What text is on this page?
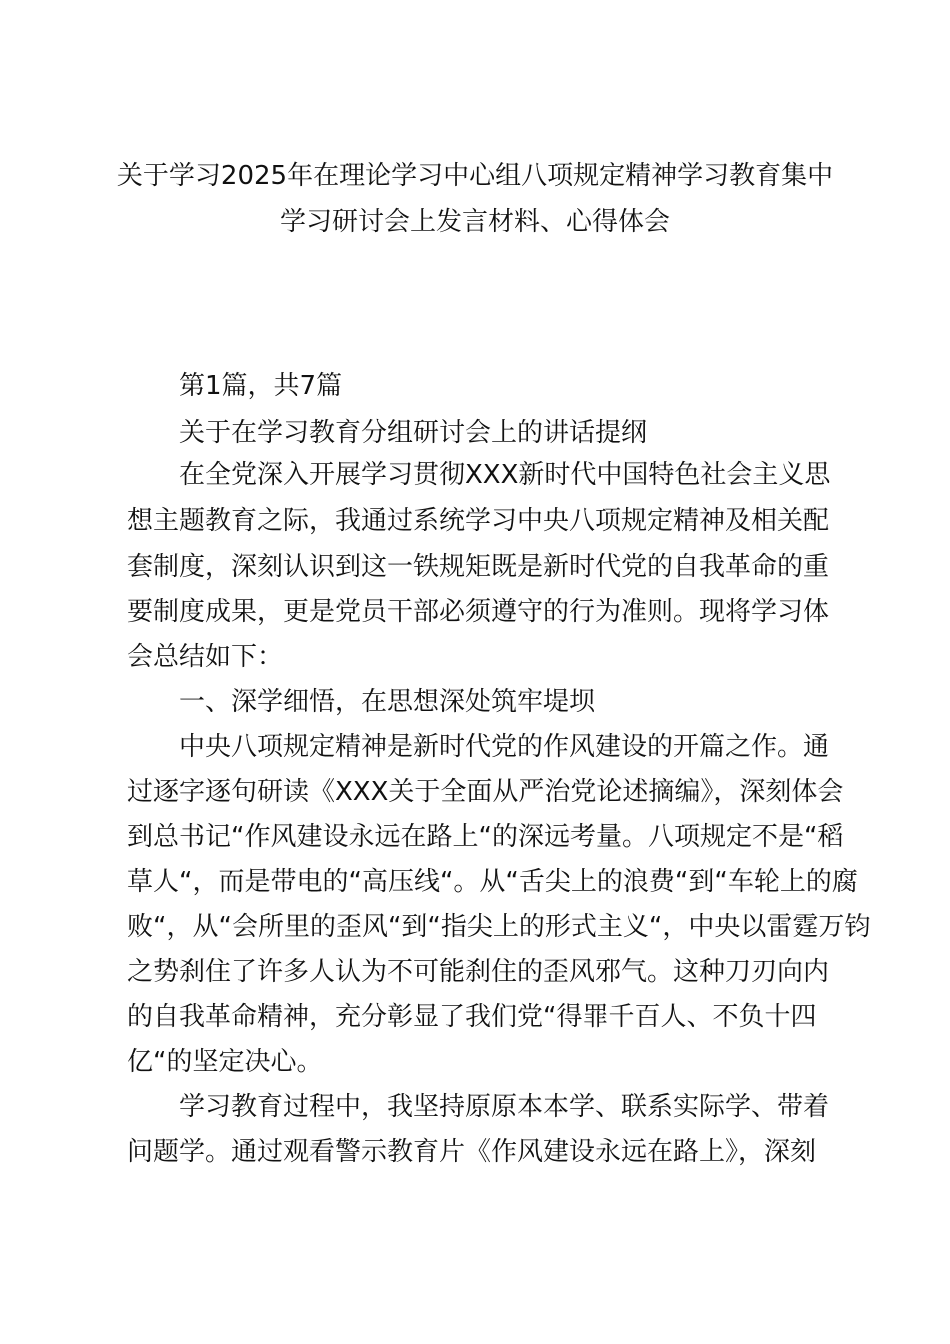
关于学习2025年在理论学习中心组八项规定精神学习教育集中
学习研讨会上发言材料、心得体会
第1篇，共7篇
关于在学习教育分组研讨会上的讲话提纲
在全党深入开展学习贯彻XXX新时代中国特色社会主义思
想主题教育之际，我通过系统学习中央八项规定精神及相关配
套制度，深刻认识到这一铁规矩既是新时代党的自我革命的重
要制度成果，更是党员干部必须遵守的行为准则。现将学习体
会总结如下：
一、深学细悟，在思想深处筑牢堤坝
中央八项规定精神是新时代党的作风建设的开篇之作。通
过逐字逐句研读《XXX关于全面从严治党论述摘编》，深刻体会
到总书记“作风建设永远在路上“的深远考量。八项规定不是“稻
草人“，而是带电的“高压线“。从“舌尖上的浪费“到“车轮上的腐
败“，从“会所里的歪风“到“指尖上的形式主义“，中央以雷霆万钧
之势刹住了许多人认为不可能刹住的歪风邪气。这种刀刃向内
的自我革命精神，充分彰显了我们党“得罪千百人、不负十四
亿“的坚定决心。
学习教育过程中，我坚持原原本本学、联系实际学、带着
问题学。通过观看警示教育片《作风建设永远在路上》，深刻
